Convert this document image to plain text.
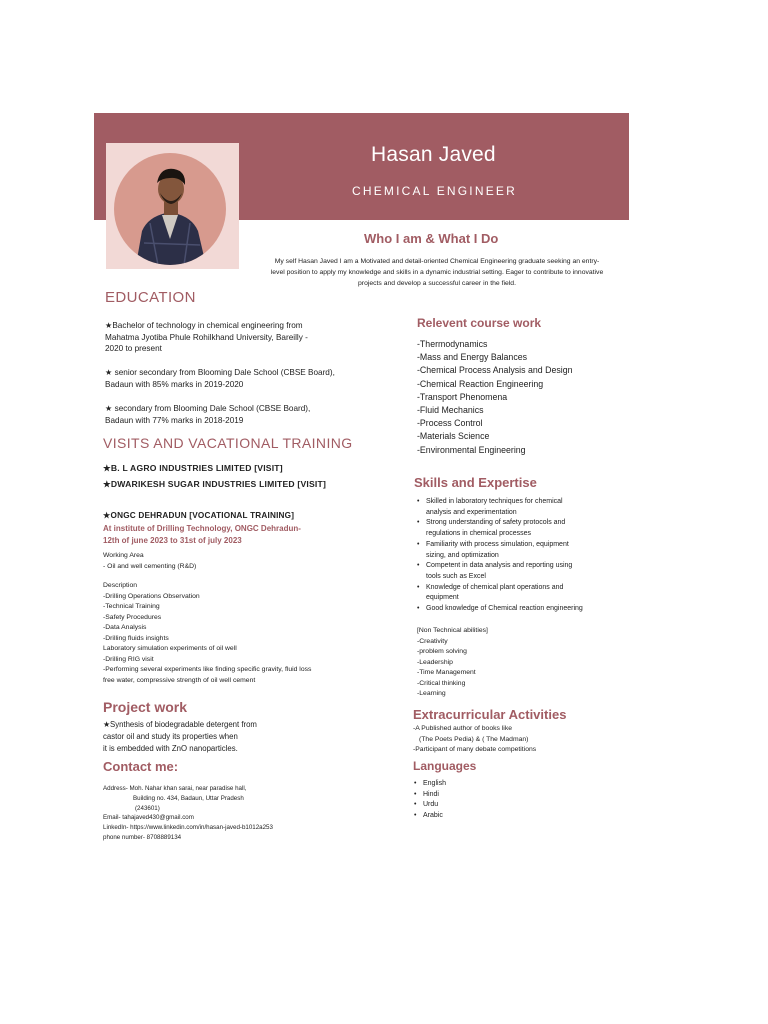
Hasan Javed
CHEMICAL ENGINEER
Who I am & What I Do
My self Hasan Javed I am a Motivated and detail-oriented Chemical Engineering graduate seeking an entry-level position to apply my knowledge and skills in a dynamic industrial setting. Eager to contribute to innovative projects and develop a successful career in the field.
EDUCATION
★Bachelor of technology in chemical engineering from
Mahatma Jyotiba Phule Rohilkhand University, Bareilly -
2020 to present
★ senior secondary from Blooming Dale School (CBSE Board),
Badaun with 85% marks in 2019-2020
★ secondary from Blooming Dale School (CBSE Board),
Badaun with 77% marks in 2018-2019
VISITS AND VACATIONAL TRAINING
★B. L AGRO INDUSTRIES LIMITED [VISIT]
★DWARIKESH SUGAR INDUSTRIES LIMITED [VISIT]
★ONGC DEHRADUN [VOCATIONAL TRAINING]
At institute of Drilling Technology, ONGC Dehradun-
12th of june 2023 to 31st of july 2023
Working Area
- Oil and well cementing (R&D)
Description
-Drilling Operations Observation
-Technical Training
-Safety Procedures
-Data Analysis
-Drilling fluids insights
Laboratory simulation experiments of oil well
-Drilling RIG visit
-Performing several experiments like finding specific gravity, fluid loss
free water, compressive strength of oil well cement
Project work
★Synthesis of biodegradable detergent from
castor oil and study its properties when
it is embedded with ZnO nanoparticles.
Contact me:
Address- Moh. Nahar khan sarai, near paradise hall,
Building no. 434, Badaun, Uttar Pradesh
(243601)
Email- tahajaved430@gmail.com
LinkedIn- https://www.linkedin.com/in/hasan-javed-b1012a253
phone number- 8708889134
Relevent course work
-Thermodynamics
-Mass and Energy Balances
-Chemical Process Analysis and Design
-Chemical Reaction Engineering
-Transport Phenomena
-Fluid Mechanics
-Process Control
-Materials Science
-Environmental Engineering
Skills and Expertise
• Skilled in laboratory techniques for chemical
analysis and experimentation
• Strong understanding of safety protocols and
regulations in chemical processes
• Familiarity with process simulation, equipment
sizing, and optimization
• Competent in data analysis and reporting using
tools such as Excel
• Knowledge of chemical plant operations and
equipment
• Good knowledge of Chemical reaction engineering
[Non Technical abilities]
-Creativity
-problem solving
-Leadership
-Time Management
-Critical thinking
-Learning
Extracurricular Activities
-A Published author of books like
(The Poets Pedia) & ( The Madman)
-Participant of many debate competitions
Languages
• English
• Hindi
• Urdu
• Arabic
